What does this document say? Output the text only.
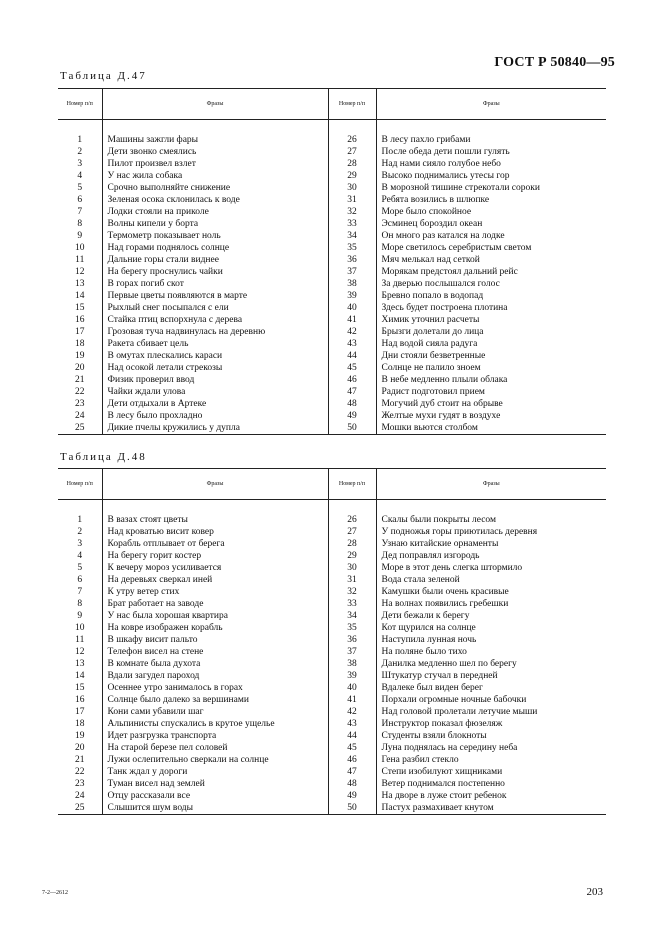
ГОСТ Р 50840—95
Таблица Д.47
Номер п/п	Фразы	Номер п/п	Фразы

1	Машины зажгли фары	26	В лесу пахло грибами
2	Дети звонко смеялись	27	После обеда дети пошли гулять
3	Пилот произвел взлет	28	Над нами сияло голубое небо
4	У нас жила собака	29	Высоко поднимались утесы гор
5	Срочно выполняйте снижение	30	В морозной тишине стрекотали сороки
6	Зеленая осока склонилась к воде	31	Ребята возились в шлюпке
7	Лодки стояли на приколе	32	Море было спокойное
8	Волны кипели у борта	33	Эсминец бороздил океан
9	Термометр показывает ноль	34	Он много раз катался на лодке
10	Над горами поднялось солнце	35	Море светилось серебристым светом
11	Дальние горы стали виднее	36	Мяч мелькал над сеткой
12	На берегу проснулись чайки	37	Морякам предстоял дальний рейс
13	В горах погиб скот	38	За дверью послышался голос
14	Первые цветы появляются в марте	39	Бревно попало в водопад
15	Рыхлый снег посыпался с ели	40	Здесь будет построена плотина
16	Стайка птиц вспорхнула с дерева	41	Химик уточнил расчеты
17	Грозовая туча надвинулась на деревню	42	Брызги долетали до лица
18	Ракета сбивает цель	43	Над водой сияла радуга
19	В омутах плескались караси	44	Дни стояли безветренные
20	Над осокой летали стрекозы	45	Солнце не палило зноем
21	Физик проверил ввод	46	В небе медленно плыли облака
22	Чайки ждали улова	47	Радист подготовил прием
23	Дети отдыхали в Артеке	48	Могучий дуб стоит на обрыве
24	В лесу было прохладно	49	Желтые мухи гудят в воздухе
25	Дикие пчелы кружились у дупла	50	Мошки вьются столбом
Таблица Д.48
Номер п/п	Фразы	Номер п/п	Фразы

1	В вазах стоят цветы	26	Скалы были покрыты лесом
2	Над кроватью висит ковер	27	У подножья горы приютилась деревня
3	Корабль отплывает от берега	28	Узнаю китайские орнаменты
4	На берегу горит костер	29	Дед поправлял изгородь
5	К вечеру мороз усиливается	30	Море в этот день слегка штормило
6	На деревьях сверкал иней	31	Вода стала зеленой
7	К утру ветер стих	32	Камушки были очень красивые
8	Брат работает на заводе	33	На волнах появились гребешки
9	У нас была хорошая квартира	34	Дети бежали к берегу
10	На ковре изображен корабль	35	Кот щурился на солнце
11	В шкафу висит пальто	36	Наступила лунная ночь
12	Телефон висел на стене	37	На поляне было тихо
13	В комнате была духота	38	Данилка медленно шел по берегу
14	Вдали загудел пароход	39	Штукатур стучал в передней
15	Осеннее утро занималось в горах	40	Вдалеке был виден берег
16	Солнце было далеко за вершинами	41	Порхали огромные ночные бабочки
17	Кони сами убавили шаг	42	Над головой пролетали летучие мыши
18	Альпинисты спускались в крутое ущелье	43	Инструктор показал фюзеляж
19	Идет разгрузка транспорта	44	Студенты взяли блокноты
20	На старой березе пел соловей	45	Луна поднялась на середину неба
21	Лужи ослепительно сверкали на солнце	46	Гена разбил стекло
22	Танк ждал у дороги	47	Степи изобилуют хищниками
23	Туман висел над землей	48	Ветер поднимался постепенно
24	Отцу рассказали все	49	На дворе в луже стоит ребенок
25	Слышится шум воды	50	Пастух размахивает кнутом
7-2—2612	203
